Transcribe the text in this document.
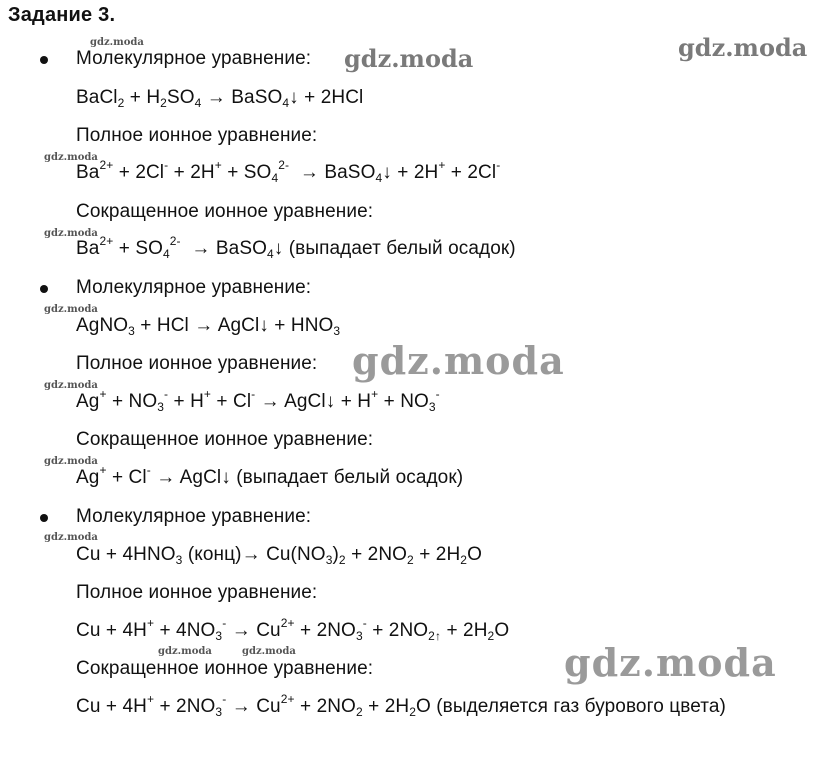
Задание 3.
gdz.moda
gdz.moda	gdz.moda
gdz.moda
gdz.moda
gdz.moda
gdz.moda
gdz.moda
gdz.moda
gdz.moda
gdz.moda	gdz.moda	gdz.moda
Молекулярное уравнение:
BaCl$_2$ + $H_2SO_4$ → BaSO$_4$↓ + 2HCl
Полное ионное уравнение:
$Ba^{2+} + 2Cl^- + 2H^+ + SO_4^{2-}$ → BaSO$_4$↓ + 2H+ + 2Cl-
Сокращенное ионное уравнение:
$Ba^{2+} + SO_4^{2-}$ → BaSO$_4$↓ (выпадает белый осадок)
Молекулярное уравнение:
AgNO$_3$ + HCl → AgCl↓ + $HNO_3$
Полное ионное уравнение:
$Ag^+ + NO_3^- + H^+ + Cl^-$ → AgCl↓ + $H^+ + NO_3^-$
Сокращенное ионное уравнение:
Ag+ + Cl- → AgCl↓ (выпадает белый осадок)
Молекулярное уравнение:
$Cu + 4HNO_3$ (конц)→ $Cu(NO_3)_2 + 2NO_2 + 2H_2O$
Полное ионное уравнение:
$Cu + 4H^+ + 4NO_3^- \to Cu^{2+} + 2NO_3^- + 2NO_{2↑} + 2H_2O$
Сокращенное ионное уравнение:
$Cu + 4H^+ + 2NO_3^- \to Cu^{2+} + 2NO_2 + 2H_2O$ (выделяется газ бурового цвета)
